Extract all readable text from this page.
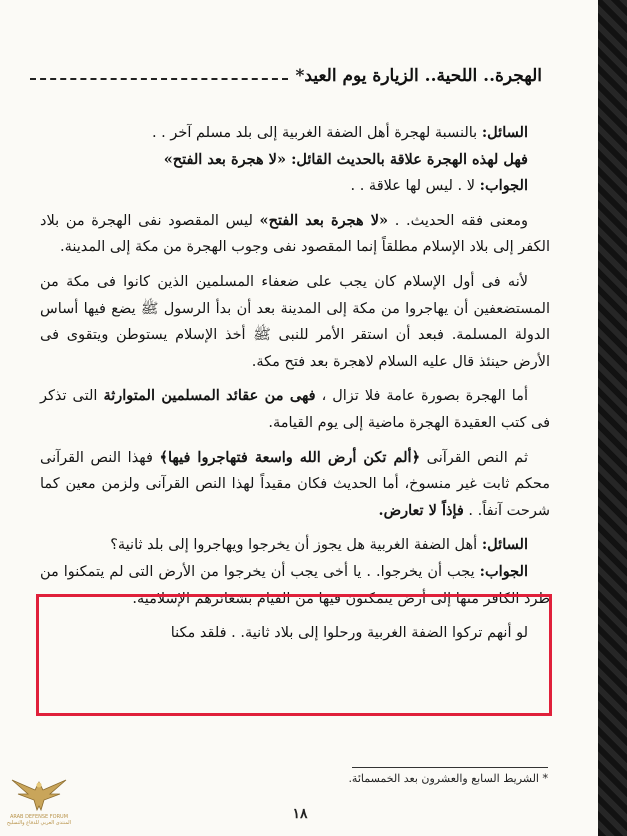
الهجرة.. اللحية.. الزيارة يوم العيد*

السائل: بالنسبة لهجرة أهل الضفة الغربية إلى بلد مسلم آخر . .

فهل لهذه الهجرة علاقة بالحديث القائل: «لا هجرة بعد الفتح»

الجواب: لا . ليس لها علاقة . .

ومعنى فقه الحديث. . «لا هجرة بعد الفتح» ليس المقصود نفى الهجرة من بلاد الكفر إلى بلاد الإسلام مطلقاً إنما المقصود نفى وجوب الهجرة من مكة إلى المدينة.

لأنه فى أول الإسلام كان يجب على ضعفاء المسلمين الذين كانوا فى مكة من المستضعفين أن يهاجروا من مكة إلى المدينة بعد أن بدأ الرسول ﷺ يضع فيها أساس الدولة المسلمة. فبعد أن استقر الأمر للنبى ﷺ أخذ الإسلام يستوطن ويتقوى فى الأرض حينئذ قال عليه السلام لاهجرة بعد فتح مكة.

أما الهجرة بصورة عامة فلا تزال ، فهى من عقائد المسلمين المتوارثة التى تذكر فى كتب العقيدة الهجرة ماضية إلى يوم القيامة.

ثم النص القرآنى ﴿ألم تكن أرض الله واسعة فتهاجروا فيها﴾ فهذا النص القرآنى محكم ثابت غير منسوخ، أما الحديث فكان مقيداً لهذا النص القرآنى ولزمن معين كما شرحت آنفاً. . فإذاً لا تعارض.

السائل: أهل الضفة الغربية هل يجوز أن يخرجوا ويهاجروا إلى بلد ثانية؟

الجواب: يجب أن يخرجوا. . يا أخى يجب أن يخرجوا من الأرض التى لم يتمكنوا من طرد الكافر منها إلى أرض يتمكنون فيها من القيام بشعائرهم الإسلامية.

لو أنهم تركوا الضفة الغربية ورحلوا إلى بلاد ثانية. . فلقد مكنا

* الشريط السابع والعشرون بعد الخمسمائة.
١٨
ARAB DEFENSE FORUM
المنتدى العربي للدفاع والتسليح
